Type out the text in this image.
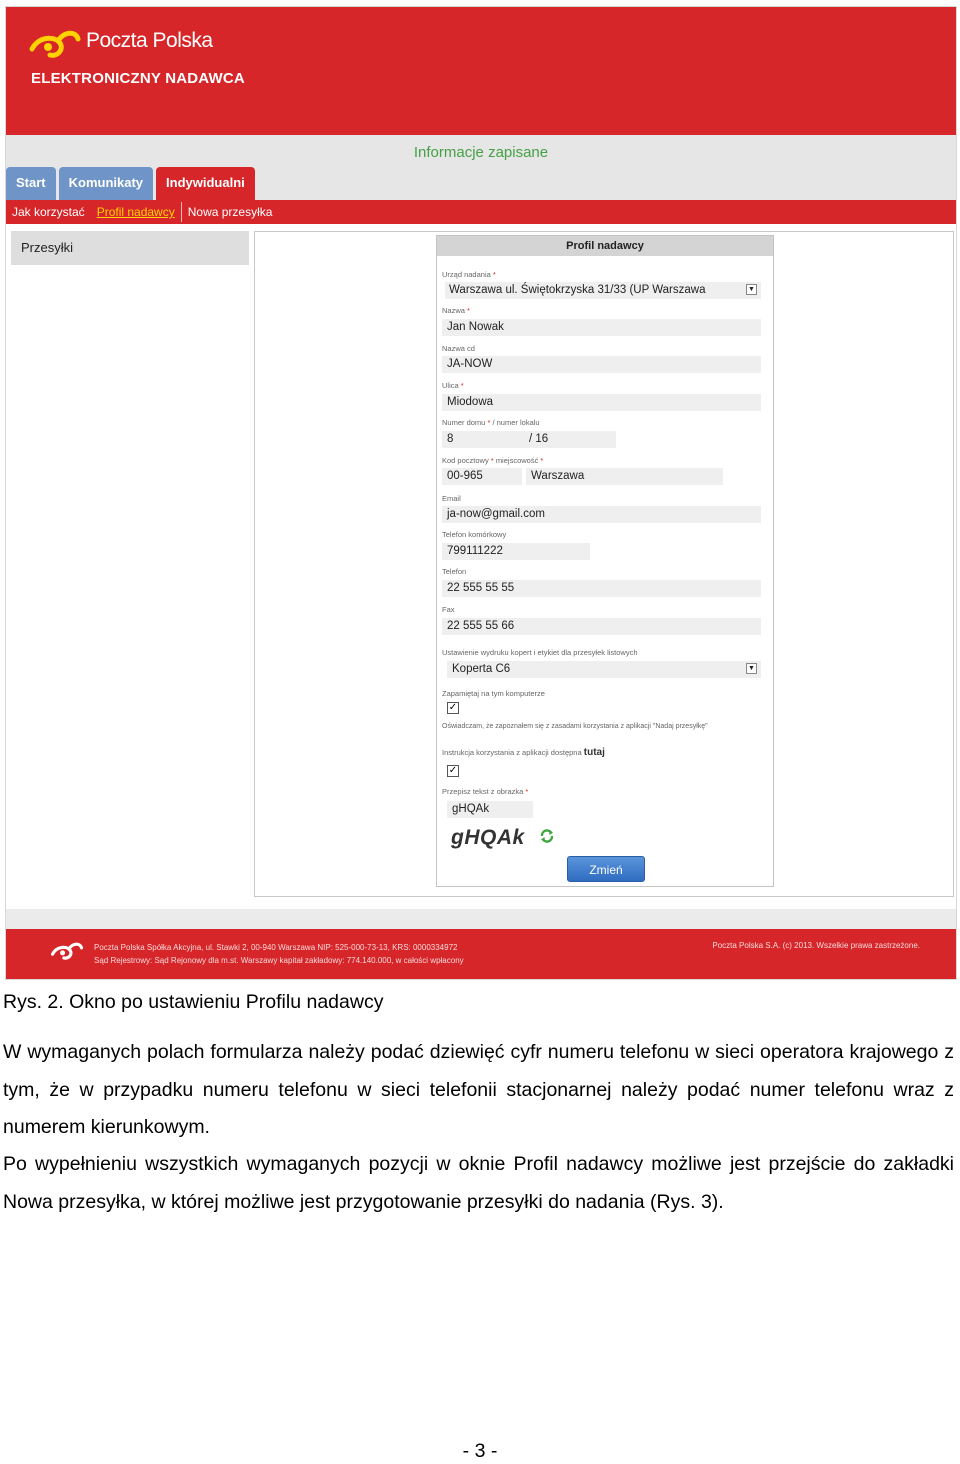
Poczta Polska
ELEKTRONICZNY NADAWCA
Informacje zapisane
Start	Komunikaty	Indywidualni
Jak korzystać	Profil nadawcy	Nowa przesyłka
Przesyłki	Profil nadawcy
Urząd nadania *
Warszawa ul. Świętokrzyska 31/33 (UP Warszawa	▼
Nazwa *
Jan Nowak
Nazwa cd
JA-NOW
Ulica *
Miodowa
Numer domu * / numer lokalu
8	/ 16
Kod pocztowy * miejscowość *
00-965	Warszawa
Email
ja-now@gmail.com
Telefon komórkowy
799111222
Telefon
22 555 55 55
Fax
22 555 55 66
Ustawienie wydruku kopert i etykiet dla przesyłek listowych
Koperta C6	▼
Zapamiętaj na tym komputerze
✓
Oświadczam, że zapoznałem się z zasadami korzystania z aplikacji "Nadaj przesyłkę"
Instrukcja korzystania z aplikacji dostępna tutaj
✓
Przepisz tekst z obrazka *
gHQAk
gHQAk
Zmień
Poczta Polska Spółka Akcyjna, ul. Stawki 2, 00-940 Warszawa NIP: 525-000-73-13, KRS: 0000334972
Sąd Rejestrowy: Sąd Rejonowy dla m.st. Warszawy kapitał zakładowy: 774.140.000, w całości wpłacony
Poczta Polska S.A. (c) 2013. Wszelkie prawa zastrzeżone.
Rys. 2. Okno po ustawieniu Profilu nadawcy

W wymaganych polach formularza należy podać dziewięć cyfr numeru telefonu w sieci operatora krajowego z tym, że w przypadku numeru telefonu w sieci telefonii stacjonarnej należy podać numer telefonu wraz z numerem kierunkowym.

Po wypełnieniu wszystkich wymaganych pozycji w oknie Profil nadawcy możliwe jest przejście do zakładki Nowa przesyłka, w której możliwe jest przygotowanie przesyłki do nadania (Rys. 3).

- 3 -
